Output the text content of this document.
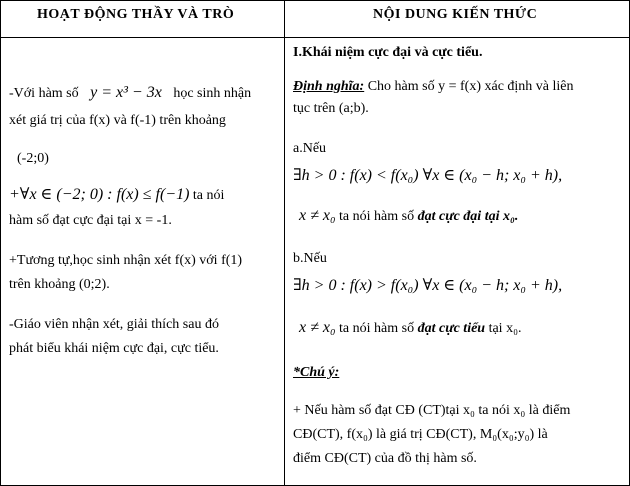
HOẠT ĐỘNG THẦY VÀ TRÒ	NỘI DUNG KIẾN THỨC
-Với hàm số y = x³ − 3x học sinh nhận
xét giá trị của f(x) và f(-1) trên khoảng
(-2;0)
+∀x ∈ (−2; 0) : f(x) ≤ f(−1) ta nói
hàm số đạt cực đại tại x = -1.
+Tương tự,học sinh nhận xét f(x) với f(1)
trên khoảng (0;2).
-Giáo viên nhận xét, giải thích sau đó
phát biểu khái niệm cực đại, cực tiểu.
I.Khái niệm cực đại và cực tiểu.
Định nghĩa: Cho hàm số y = f(x) xác định và liên
tục trên (a;b).
a.Nếu
∃h > 0 : f(x) < f(x₀) ∀x ∈ (x₀ − h; x₀ + h),
x ≠ x₀ ta nói hàm số đạt cực đại tại x₀.
b.Nếu
∃h > 0 : f(x) > f(x₀) ∀x ∈ (x₀ − h; x₀ + h),
x ≠ x₀ ta nói hàm số đạt cực tiểu tại x₀.
*Chú ý:
+ Nếu hàm số đạt CĐ (CT)tại x₀ ta nói x₀ là điểm
CĐ(CT), f(x₀) là giá trị CĐ(CT), M₀(x₀;y₀) là
điểm CĐ(CT) của đồ thị hàm số.
